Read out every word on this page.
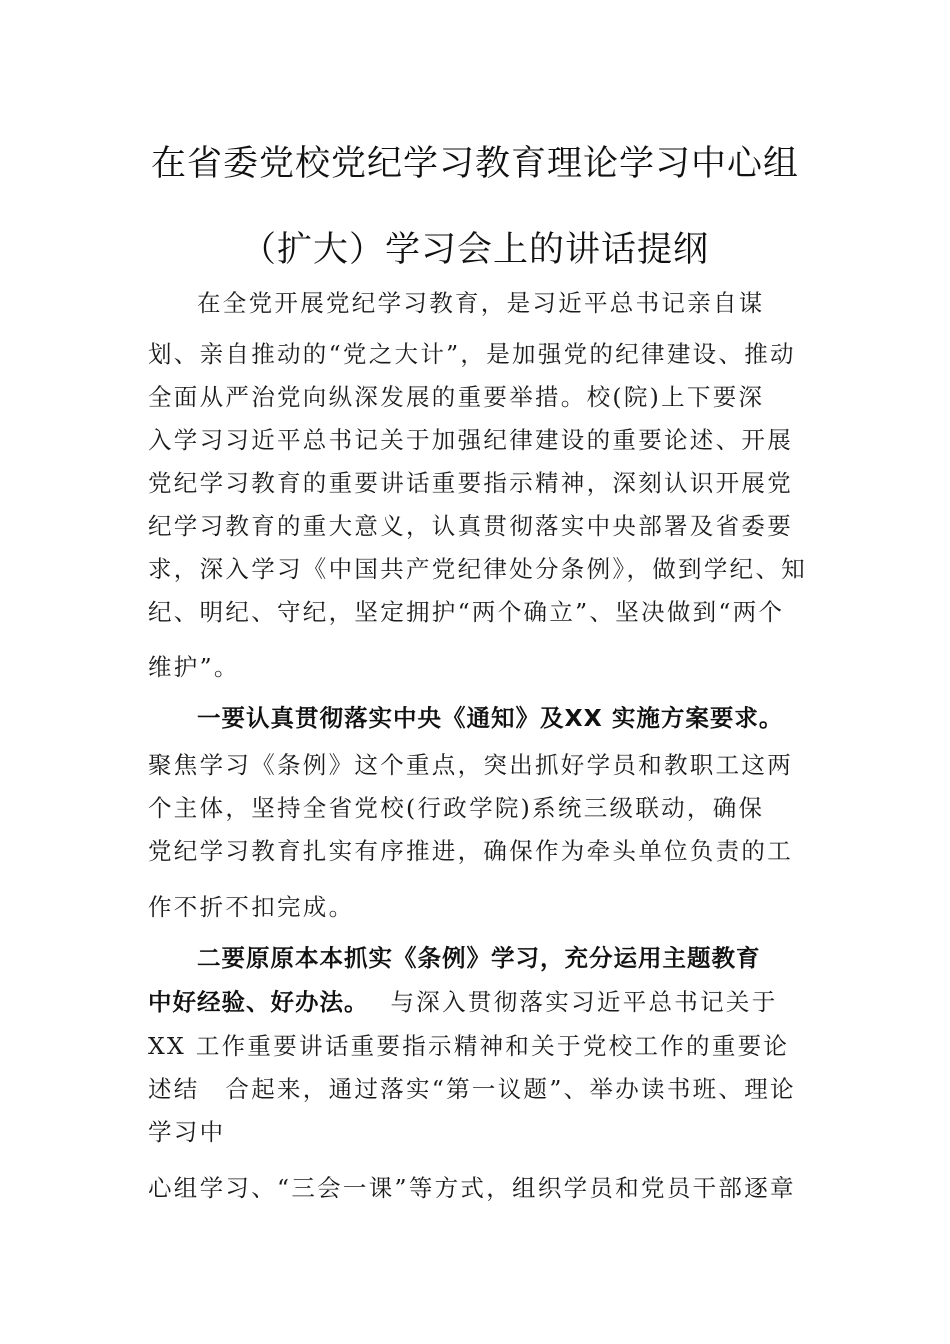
在省委党校党纪学习教育理论学习中心组
（扩大）学习会上的讲话提纲
在全党开展党纪学习教育，是习近平总书记亲自谋
划、亲自推动的“党之大计”，是加强党的纪律建设、推动
全面从严治党向纵深发展的重要举措。校(院)上下要深
入学习习近平总书记关于加强纪律建设的重要论述、开展
党纪学习教育的重要讲话重要指示精神，深刻认识开展党
纪学习教育的重大意义，认真贯彻落实中央部署及省委要
求，深入学习《中国共产党纪律处分条例》，做到学纪、知
纪、明纪、守纪，坚定拥护“两个确立”、坚决做到“两个
维护”。
一要认真贯彻落实中央《通知》及XX 实施方案要求。
聚焦学习《条例》这个重点，突出抓好学员和教职工这两
个主体，坚持全省党校(行政学院)系统三级联动，确保
党纪学习教育扎实有序推进，确保作为牵头单位负责的工
作不折不扣完成。
二要原原本本抓实《条例》学习，充分运用主题教育
中好经验、好办法。 与深入贯彻落实习近平总书记关于
XX 工作重要讲话重要指示精神和关于党校工作的重要论
述结　合起来，通过落实“第一议题”、举办读书班、理论
学习中
心组学习、“三会一课”等方式，组织学员和党员干部逐章
